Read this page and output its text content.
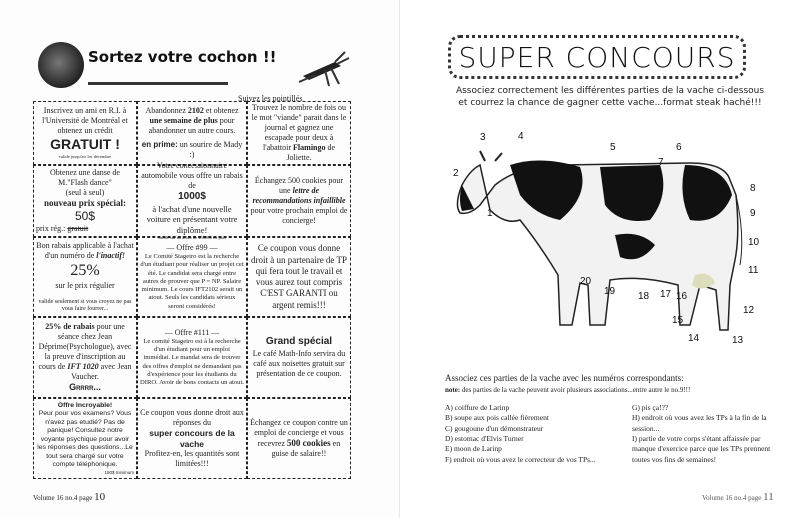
Sortez votre cochon !!
Suivez les pointillés
Inscrivez un ami en R.I. à l'Université de Montréal et obtenez un crédit
GRATUIT !
valide jusqu'au 1er décembre
Abandonnez 2102 et obtenez une semaine de plus pour abandonner un autre cours.
en prime: un sourire de Mady :)
Trouvez le nombre de fois ou le mot "viande" parait dans le journal et gagnez une escapade pour deux à l'abattoir Flamingo de Joliette.
Obtenez une danse de M."Flash dance"
(seul à seul)
nouveau prix spécial:
50$
prix rég.: gratuit
Votre concessionnaire automobile vous offre un rabais de
1000$
à l'achat d'une nouvelle voiture en présentant votre diplôme!
valide sur un achat de 45000$ ou plus
Échangez 500 cookies pour une lettre de recommandations infaillible pour votre prochain emploi de concierge!
Bon rabais applicable à l'achat d'un numéro de l'inactif!
25%
sur le prix régulier
valide seulement si vous croyez ne pas vous faire fourrer...
— Offre #99 —
Le Comité Stageiro est la recherche d'un étudiant pour réaliser un projet cet été. Le candidat sera chargé entre autres de prouver que P = NP. Salaire minimum. Le cours IFT2102 serait un atout. Seuls les candidats sérieux seront considérés!
Ce coupon vous donne droit à un partenaire de TP qui fera tout le travail et vous aurez tout compris C'EST GARANTI ou argent remis!!!
25% de rabais pour une séance chez Jean Déprime(Psychologue), avec la preuve d'inscription au cours de IFT 1020 avec Jean Vaucher.
Grrrr...
— Offre #111 —
Le comité Stageiro est à la recherche d'un étudiant pour un emploi immédiat. Le mandat sera de trouver des offres d'emploi ne demandant pas d'expérience pour les étudiants du DIRO. Avoir de bons contacts un atout.
Grand spécial
Le café Math-Info servira du café aux noisettes gratuit sur présentation de ce coupon.
Offre Incroyable!
Peur pour vos examens? Vous n'avez pas etudié? Pas de panique! Consultez notre voyante psychique pour avoir les réponses des questions...Le tout sera chargé sur votre compte téléphonique.
150$ minimum
Ce coupon vous donne droit aux réponses du
super concours de la vache
Profitez-en, les quantités sont limitées!!!
Échangez ce coupon contre un emploi de concierge et vous recevrez 500 cookies en guise de salaire!!
Volume 16 no.4 page 10
SUPER CONCOURS
Associez correctement les différentes parties de la vache ci-dessous
et courrez la chance de gagner cette vache...format steak haché!!!
1
2
3	4
5	6
7
8
9
10
11
12
13
14
15
16
17
18
19
20
Associez ces parties de la vache avec les numéros correspondants:
note: des parties de la vache peuvent avoir plusieurs associations...entre autre le no.9!!!
A) coiffure de Larinp
B) soupe aux pois callée fièrement
C) gougoune d'un démonstrateur
D) estomac d'Elvis Turner
E) moon de Larinp
F) endroit où vous avez le correcteur de vos TPs...
G) pis ça!??
H) endroit où vous avez les TPs à la fin de la session...
I) partie de votre corps s'étant affaissée par manque d'exercice parce que les TPs prennent toutes vos fins de semaines!
Volume 16 no.4 page 11
